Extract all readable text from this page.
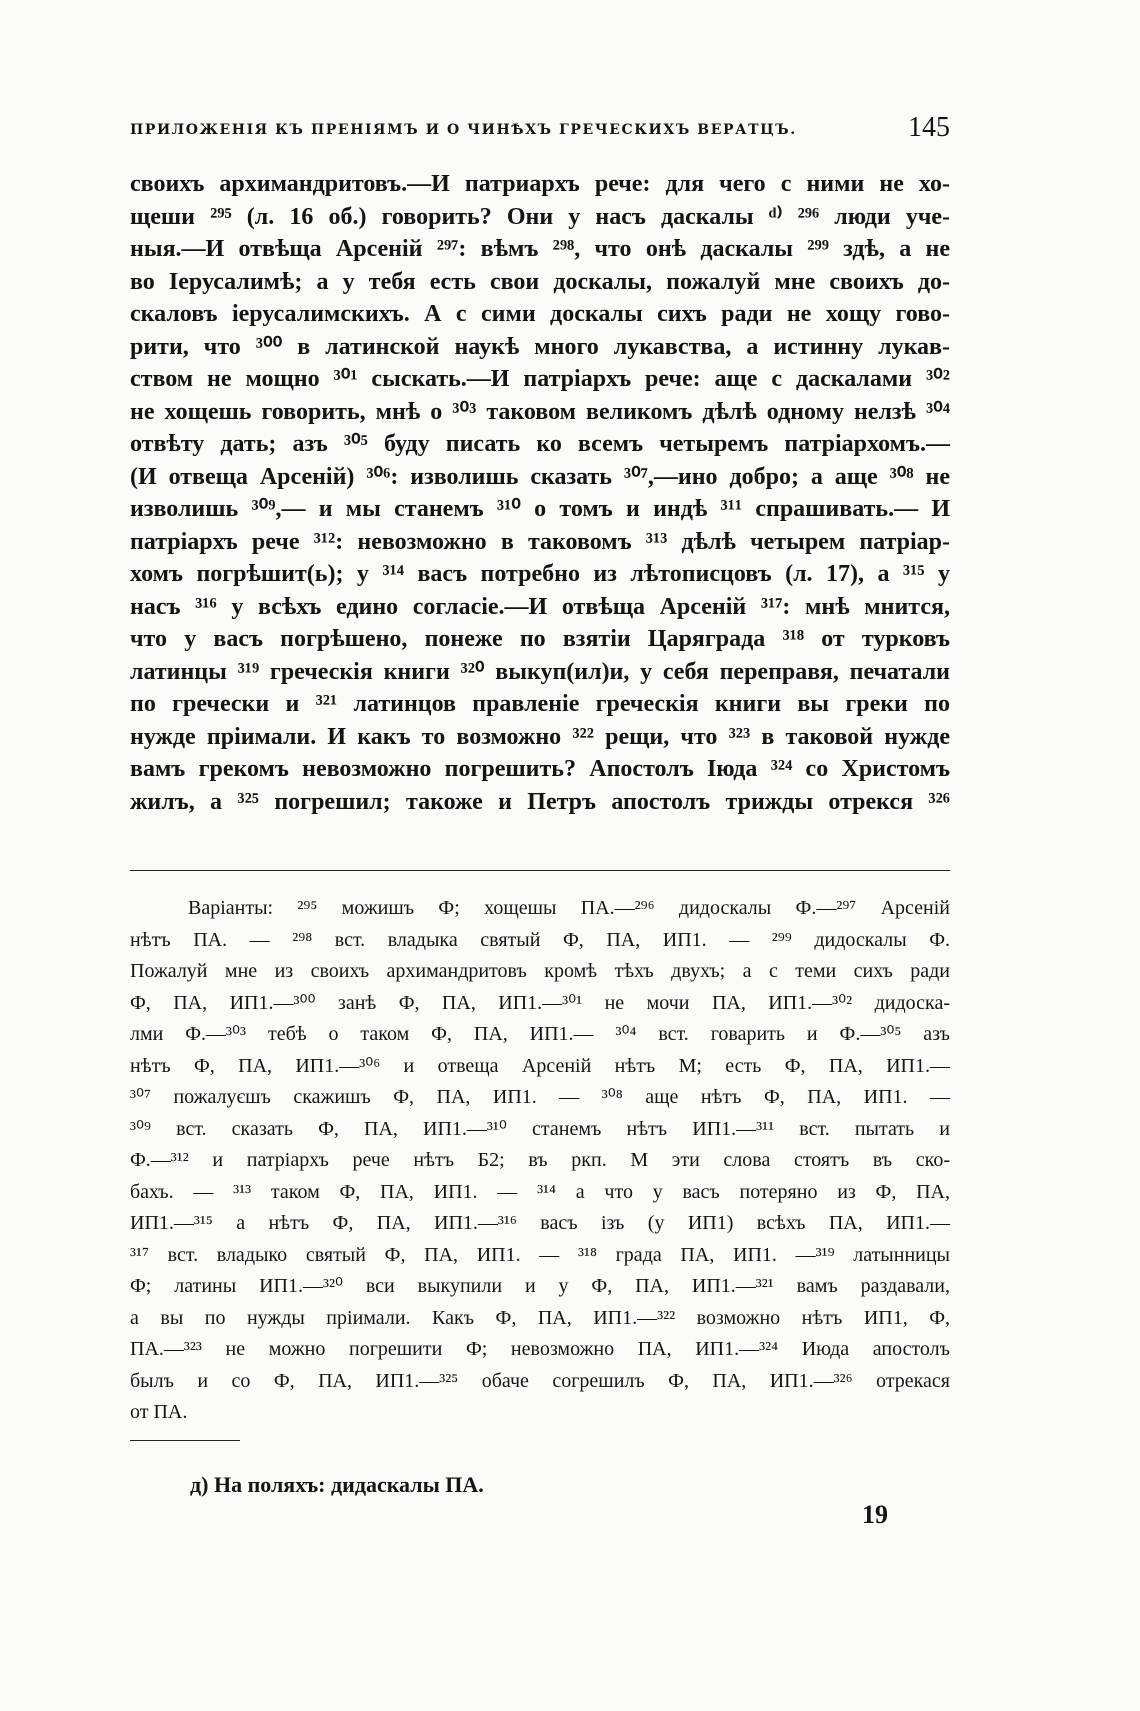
ПРИЛОЖЕНІЯ КЪ ПРЕНІЯМЪ И О ЧИНѢХЪ ГРЕЧЕСКИХЪ ВЕРАТЦЪ.	145
своихъ архимандритовъ.—И патриархъ рече: для чего с ними не хо-
щеши ²⁹⁵ (л. 16 об.) говорить? Они у насъ даскалы ᵈ⁾ ²⁹⁶ люди уче-
ныя.—И отвѣща Арсеній ²⁹⁷: вѣмъ ²⁹⁸, что онѣ даскалы ²⁹⁹ здѣ, а не
во Іерусалимѣ; а у тебя есть свои доскалы, пожалуй мне своихъ до-
скаловъ іерусалимскихъ. А с сими доскалы сихъ ради не хощу гово-
рити, что ³⁰⁰ в латинской наукѣ много лукавства, а истинну лукав-
ством не мощно ³⁰¹ сыскать.—И патріархъ рече: аще с даскалами ³⁰²
не хощешь говорить, мнѣ о ³⁰³ таковом великомъ дѣлѣ одному нелзѣ ³⁰⁴
отвѣту дать; азъ ³⁰⁵ буду писать ко всемъ четыремъ патріархомъ.—
(И отвеща Арсеній) ³⁰⁶: изволишь сказать ³⁰⁷,—ино добро; а аще ³⁰⁸ не
изволишь ³⁰⁹,— и мы станемъ ³¹⁰ о томъ и индѣ ³¹¹ спрашивать.— И
патріархъ рече ³¹²: невозможно в таковомъ ³¹³ дѣлѣ четырем патріар-
хомъ погрѣшит(ь); у ³¹⁴ васъ потребно из лѣтописцовъ (л. 17), а ³¹⁵ у
насъ ³¹⁶ у всѣхъ едино согласіе.—И отвѣща Арсеній ³¹⁷: мнѣ мнится,
что у васъ погрѣшено, понеже по взятіи Царяграда ³¹⁸ от турковъ
латинцы ³¹⁹ греческія книги ³²⁰ выкуп(ил)и, у себя переправя, печатали
по гречески и ³²¹ латинцов правленіе греческія книги вы греки по
нужде пріимали. И какъ то возможно ³²² рещи, что ³²³ в таковой нужде
вамъ грекомъ невозможно погрешить? Апостолъ Іюда ³²⁴ со Христомъ
жилъ, а ³²⁵ погрешил; такоже и Петръ апостолъ трижды отрекся ³²⁶
Варіанты: ²⁹⁵ можишъ Ф; хощешы ПА.—²⁹⁶ дидоскалы Ф.—²⁹⁷ Арсеній
нѣтъ ПА. — ²⁹⁸ вст. владыка святый Ф, ПА, ИП1. — ²⁹⁹ дидоскалы Ф.
Пожалуй мне из своихъ архимандритовъ кромѣ тѣхъ двухъ; а с теми сихъ ради
Ф, ПА, ИП1.—³⁰⁰ занѣ Ф, ПА, ИП1.—³⁰¹ не мочи ПА, ИП1.—³⁰² дидоска-
лми Ф.—³⁰³ тебѣ о таком Ф, ПА, ИП1.— ³⁰⁴ вст. говарить и Ф.—³⁰⁵ азъ
нѣтъ Ф, ПА, ИП1.—³⁰⁶ и отвеща Арсеній нѣтъ М; есть Ф, ПА, ИП1.—
³⁰⁷ пожалуєшъ скажишъ Ф, ПА, ИП1. — ³⁰⁸ аще нѣтъ Ф, ПА, ИП1. —
³⁰⁹ вст. сказать Ф, ПА, ИП1.—³¹⁰ станемъ нѣтъ ИП1.—³¹¹ вст. пытать и
Ф.—³¹² и патріархъ рече нѣтъ Б2; въ ркп. М эти слова стоятъ въ ско-
бахъ. — ³¹³ таком Ф, ПА, ИП1. — ³¹⁴ а что у васъ потеряно из Ф, ПА,
ИП1.—³¹⁵ а нѣтъ Ф, ПА, ИП1.—³¹⁶ васъ ізъ (у ИП1) всѣхъ ПА, ИП1.—
³¹⁷ вст. владыко святый Ф, ПА, ИП1. — ³¹⁸ града ПА, ИП1. —³¹⁹ латынницы
Ф; латины ИП1.—³²⁰ вси выкупили и у Ф, ПА, ИП1.—³²¹ вамъ раздавали,
а вы по нужды пріимали. Какъ Ф, ПА, ИП1.—³²² возможно нѣтъ ИП1, Ф,
ПА.—³²³ не можно погрешити Ф; невозможно ПА, ИП1.—³²⁴ Июда апостолъ
былъ и со Ф, ПА, ИП1.—³²⁵ обаче согрешилъ Ф, ПА, ИП1.—³²⁶ отрекася
от ПА.
д) На поляхъ: дидаскалы ПА.
19
